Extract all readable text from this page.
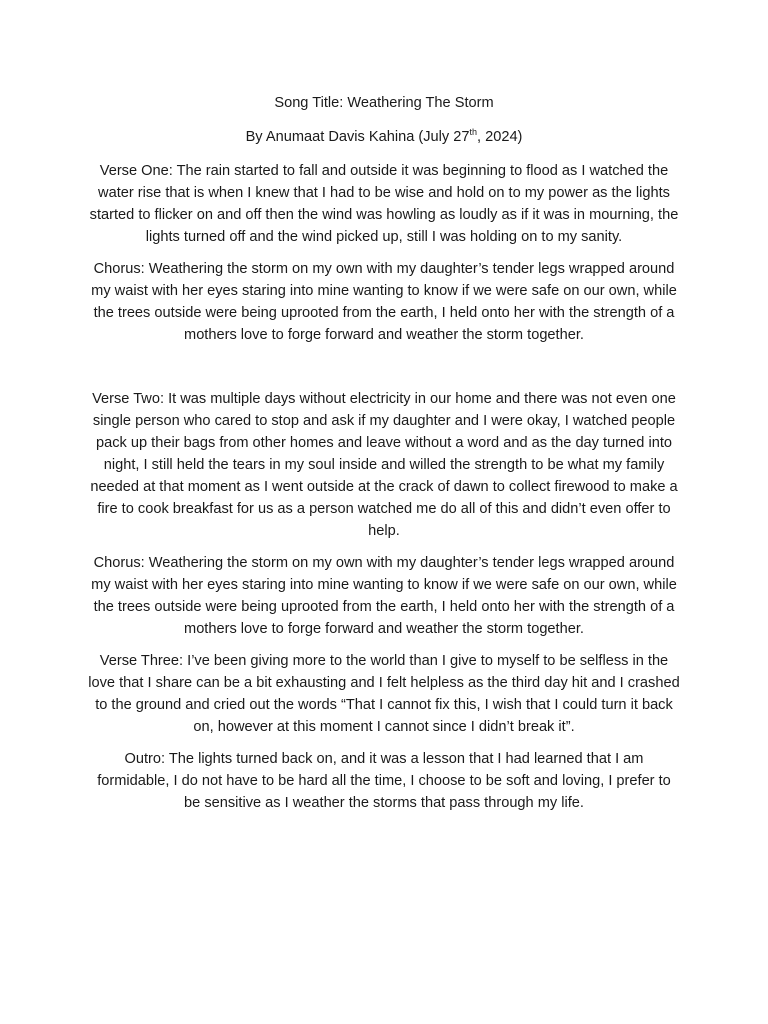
Song Title: Weathering The Storm

By Anumaat Davis Kahina (July 27th, 2024)

Verse One: The rain started to fall and outside it was beginning to flood as I watched the water rise that is when I knew that I had to be wise and hold on to my power as the lights started to flicker on and off then the wind was howling as loudly as if it was in mourning, the lights turned off and the wind picked up, still I was holding on to my sanity.

Chorus: Weathering the storm on my own with my daughter’s tender legs wrapped around my waist with her eyes staring into mine wanting to know if we were safe on our own, while the trees outside were being uprooted from the earth, I held onto her with the strength of a mothers love to forge forward and weather the storm together.

Verse Two: It was multiple days without electricity in our home and there was not even one single person who cared to stop and ask if my daughter and I were okay, I watched people pack up their bags from other homes and leave without a word and as the day turned into night, I still held the tears in my soul inside and willed the strength to be what my family needed at that moment as I went outside at the crack of dawn to collect firewood to make a fire to cook breakfast for us as a person watched me do all of this and didn’t even offer to help.

Chorus: Weathering the storm on my own with my daughter’s tender legs wrapped around my waist with her eyes staring into mine wanting to know if we were safe on our own, while the trees outside were being uprooted from the earth, I held onto her with the strength of a mothers love to forge forward and weather the storm together.

Verse Three: I’ve been giving more to the world than I give to myself to be selfless in the love that I share can be a bit exhausting and I felt helpless as the third day hit and I crashed to the ground and cried out the words “That I cannot fix this, I wish that I could turn it back on, however at this moment I cannot since I didn’t break it”.

Outro: The lights turned back on, and it was a lesson that I had learned that I am formidable, I do not have to be hard all the time, I choose to be soft and loving, I prefer to be sensitive as I weather the storms that pass through my life.
